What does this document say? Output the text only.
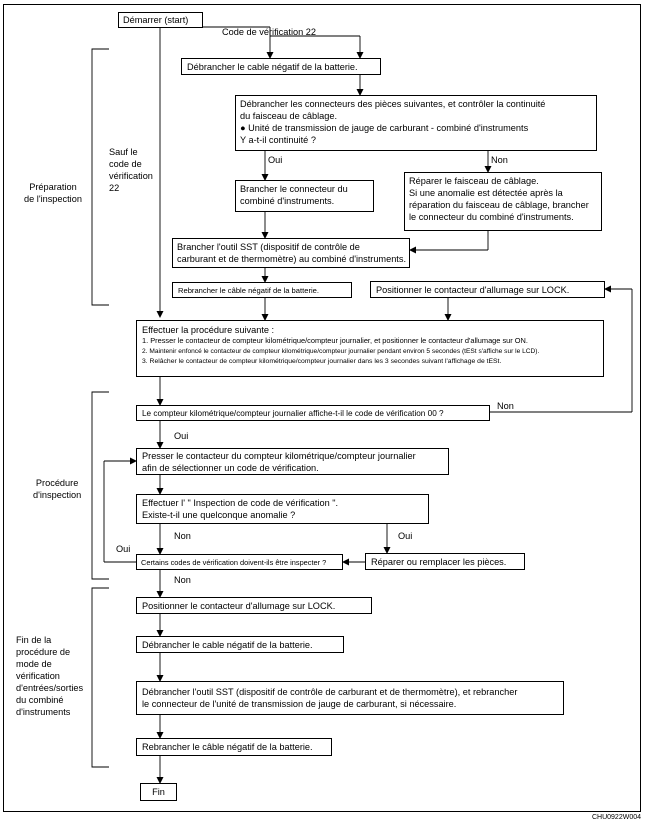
Démarrer (start)
Code de vérification 22
Débrancher le cable négatif de la batterie.
Débrancher les connecteurs des pièces suivantes, et contrôler la continuité
du faisceau de câblage.
● Unité de transmission de jauge de carburant - combiné d'instruments
Y a-t-il continuité ?
Oui	Non
Brancher le connecteur du
combiné d'instruments.
Réparer le faisceau de câblage.
Si une anomalie est détectée après la
réparation du faisceau de câblage, brancher
le connecteur du combiné d'instruments.
Brancher l'outil SST (dispositif de contrôle de
carburant et de thermomètre) au combiné d'instruments.
Rebrancher le câble négatif de la batterie.	Positionner le contacteur d'allumage sur LOCK.
Effectuer la procédure suivante :
1. Presser le contacteur de compteur kilométrique/compteur journalier, et positionner le contacteur d'allumage sur ON.
2. Maintenir enfoncé le contacteur de compteur kilométrique/compteur journalier pendant environ 5 secondes (tESt s'affiche sur le LCD).
3. Relâcher le contacteur de compteur kilométrique/compteur journalier dans les 3 secondes suivant l'affichage de tESt.
Le compteur kilométrique/compteur journalier affiche-t-il le code de vérification 00 ?
Non
Oui
Presser le contacteur du compteur kilométrique/compteur journalier
afin de sélectionner un code de vérification.
Effectuer l' " Inspection de code de vérification ".
Existe-t-il une quelconque anomalie ?
Non	Oui
Réparer ou remplacer les pièces.
Certains codes de vérification doivent-ils être inspecter ?
Oui
Non
Positionner le contacteur d'allumage sur LOCK.
Débrancher le cable négatif de la batterie.
Débrancher l'outil SST (dispositif de contrôle de carburant et de thermomètre), et rebrancher
le connecteur de l'unité de transmission de jauge de carburant, si nécessaire.
Rebrancher le câble négatif de la batterie.
Fin
Sauf le
code de
vérification
22
Préparation
de l'inspection
Procédure
d'inspection
Fin de la
procédure de
mode de
vérification
d'entrées/sorties
du combiné
d'instruments
CHU0922W004
